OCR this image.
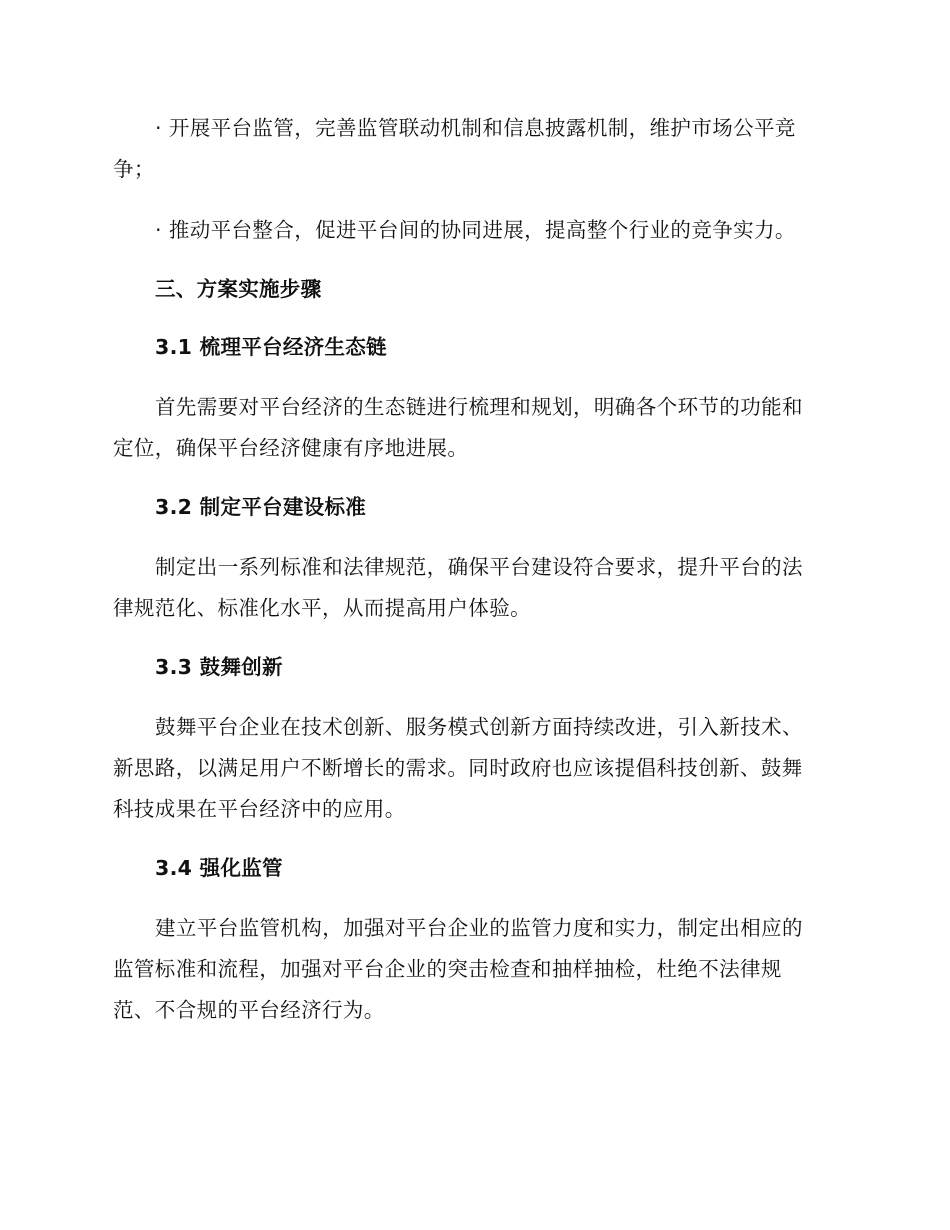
· 开展平台监管，完善监管联动机制和信息披露机制，维护市场公平竞
争；
· 推动平台整合，促进平台间的协同进展，提高整个行业的竞争实力。
三、方案实施步骤
3.1 梳理平台经济生态链
首先需要对平台经济的生态链进行梳理和规划，明确各个环节的功能和
定位，确保平台经济健康有序地进展。
3.2 制定平台建设标准
制定出一系列标准和法律规范，确保平台建设符合要求，提升平台的法
律规范化、标准化水平，从而提高用户体验。
3.3 鼓舞创新
鼓舞平台企业在技术创新、服务模式创新方面持续改进，引入新技术、
新思路，以满足用户不断增长的需求。同时政府也应该提倡科技创新、鼓舞
科技成果在平台经济中的应用。
3.4 强化监管
建立平台监管机构，加强对平台企业的监管力度和实力，制定出相应的
监管标准和流程，加强对平台企业的突击检查和抽样抽检，杜绝不法律规
范、不合规的平台经济行为。
